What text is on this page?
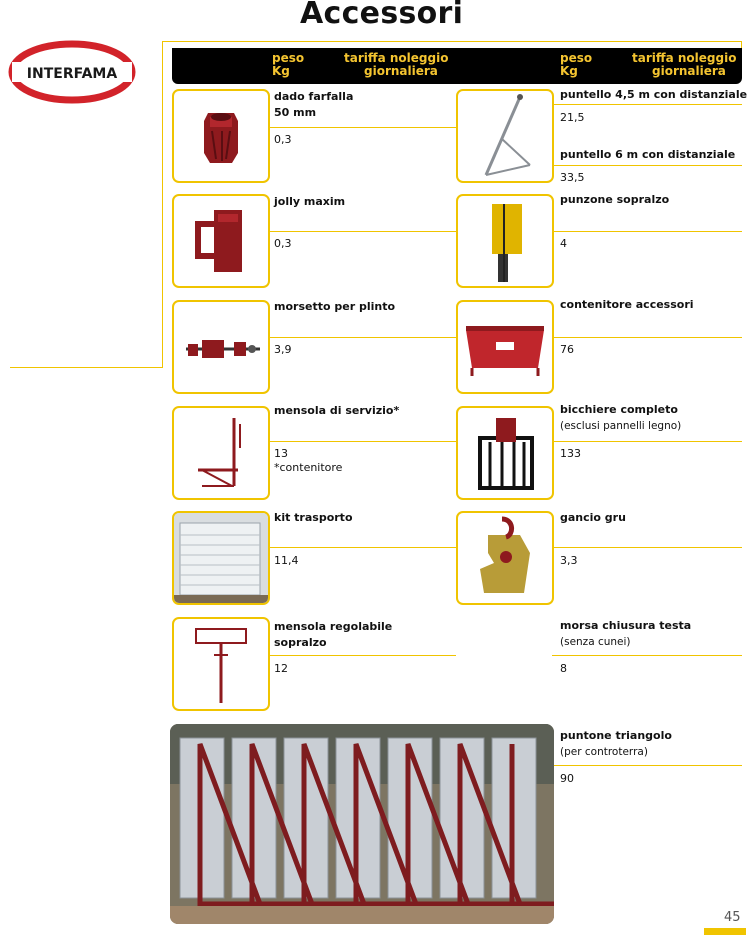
Accessori
INTERFAMA
peso
Kg
tariffa noleggio
giornaliera
peso
Kg
tariffa noleggio
giornaliera
dado farfalla
50 mm
0,3
jolly maxim
0,3
morsetto per plinto
3,9
mensola di servizio*
13
*contenitore
kit trasporto
11,4
mensola regolabile
sopralzo
12
puntello 4,5 m con distanziale
21,5
puntello 6 m con distanziale
33,5
punzone sopralzo
4
contenitore accessori
76
bicchiere completo
(esclusi pannelli legno)
133
gancio gru
3,3
morsa chiusura testa
(senza cunei)
8
puntone triangolo
(per controterra)
90
45
